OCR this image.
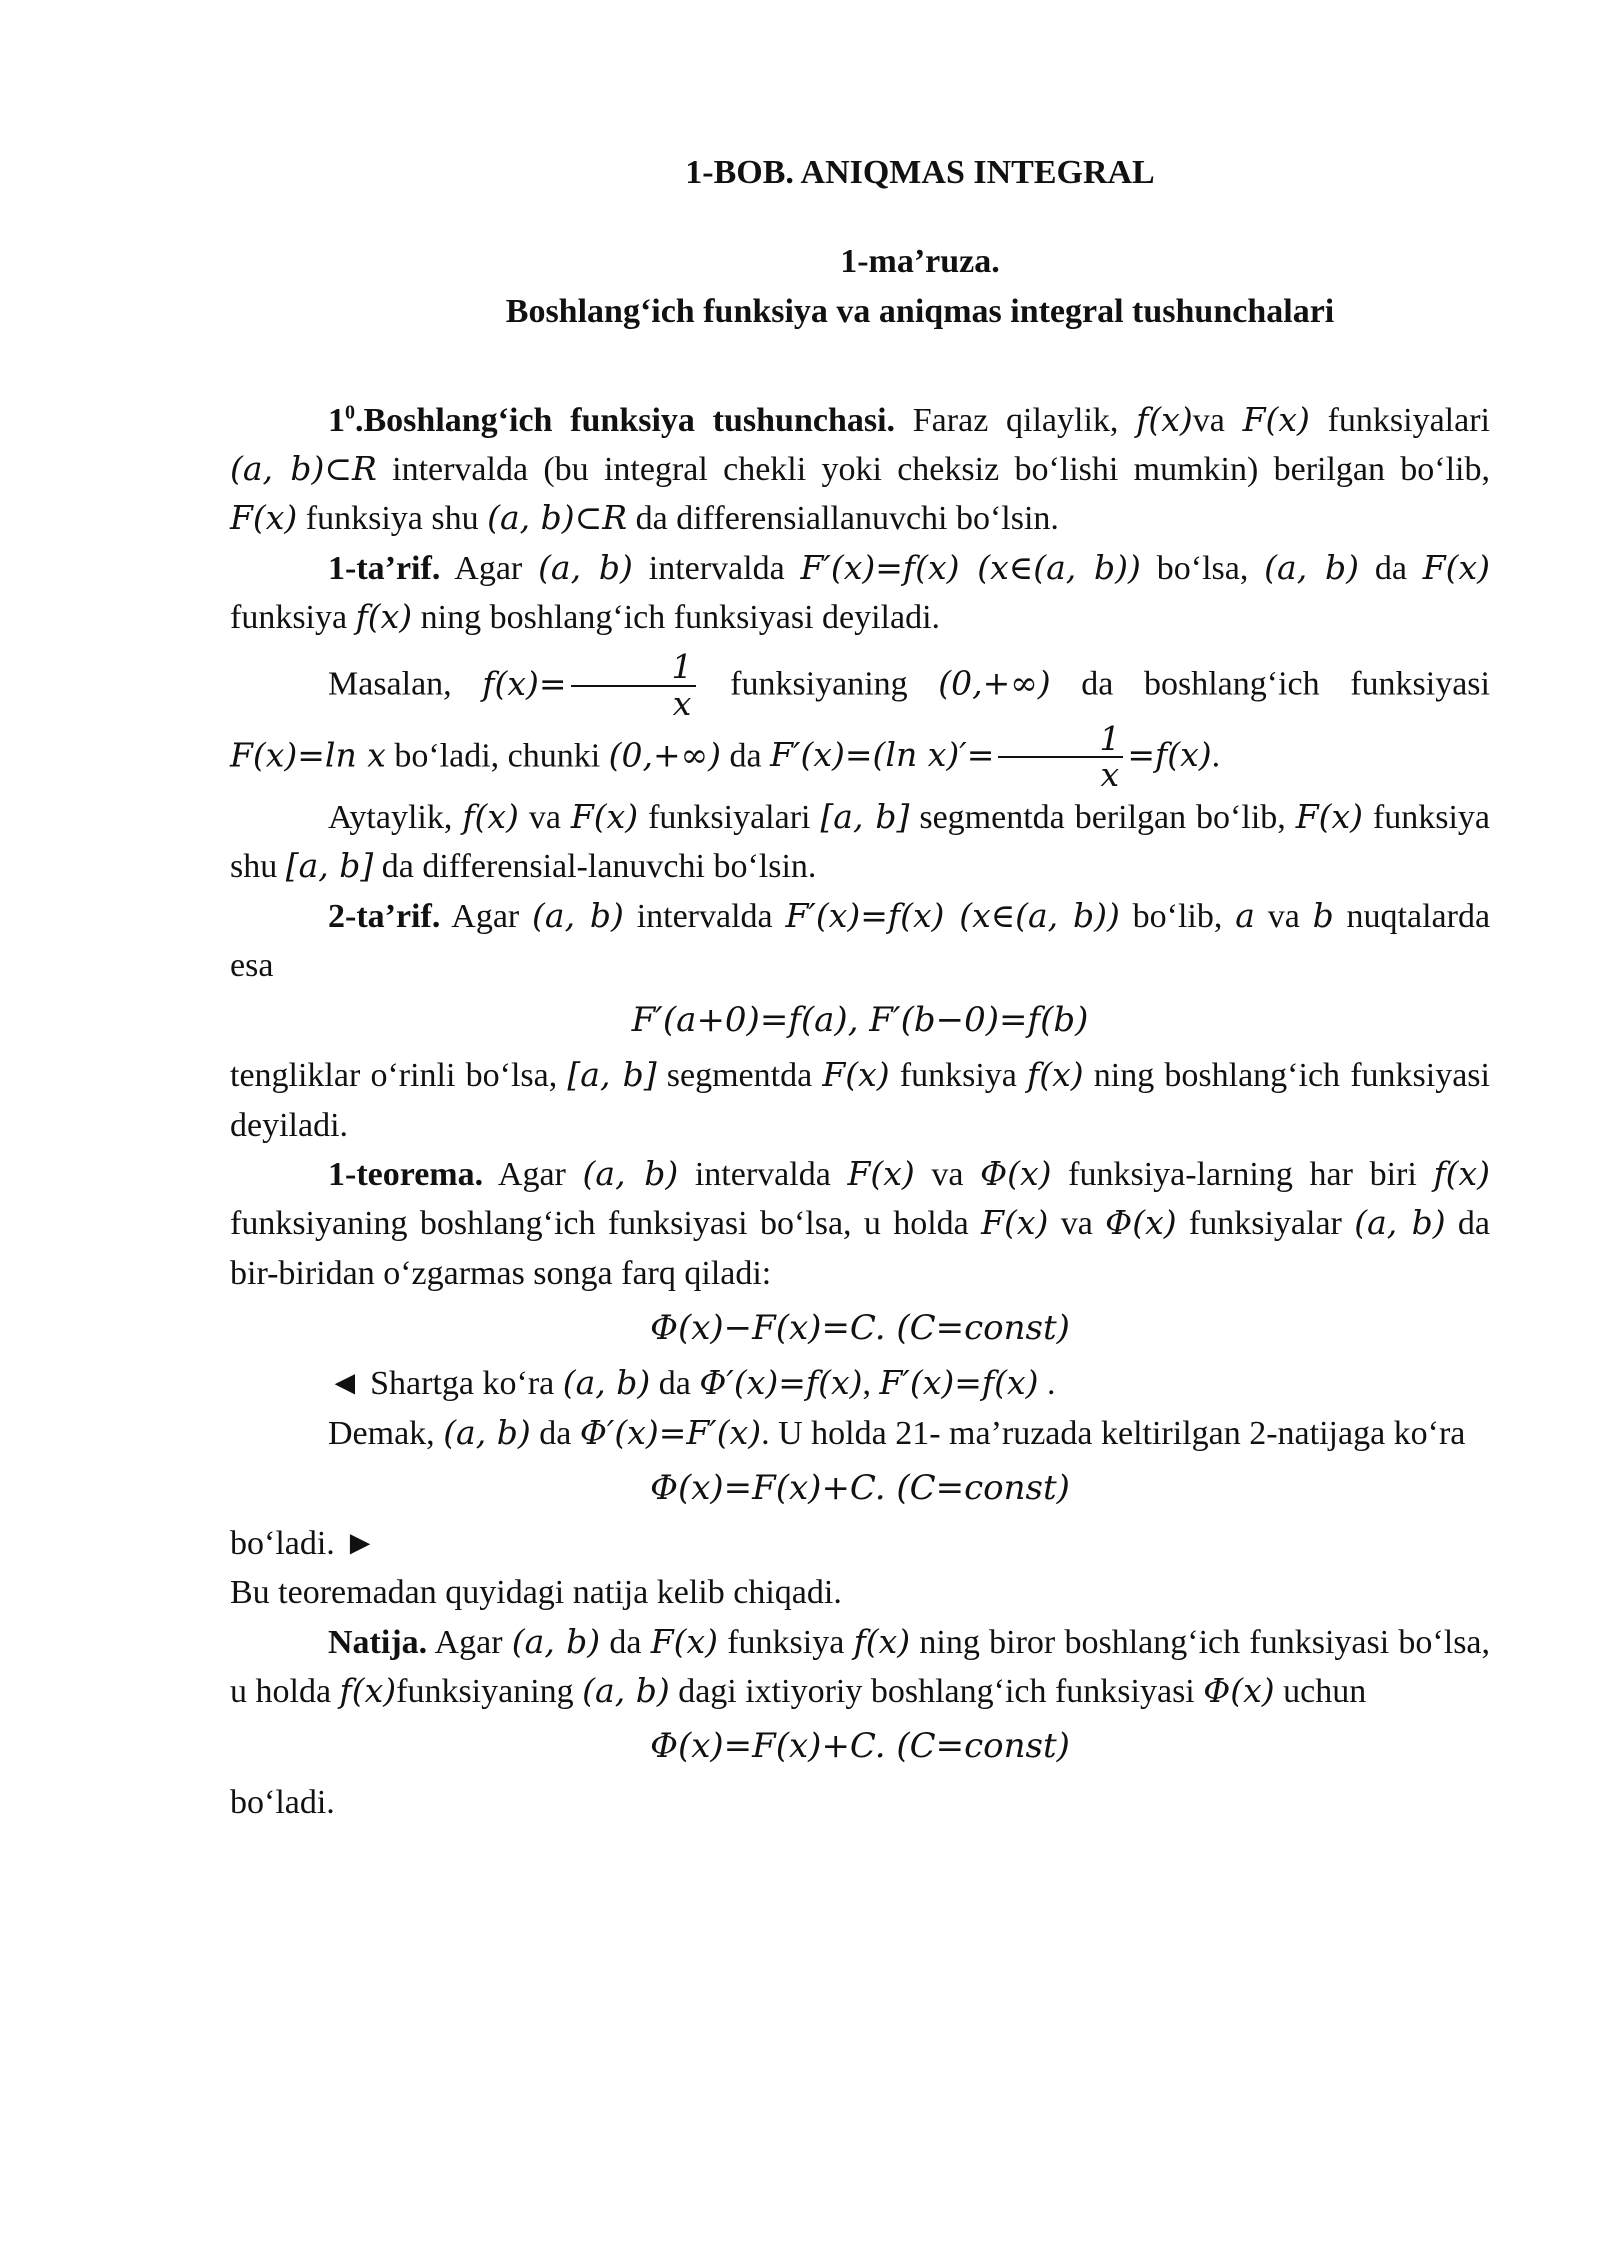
1-BOB. ANIQMAS INTEGRAL
1-ma’ruza.
Boshlang‘ich funksiya va aniqmas integral tushunchalari

$1^0.Boshlang‘ich$ funksiya tushunchasi. Faraz qilaylik, f(x)va F(x) funksiyalari (a, b)⊂R intervalda (bu integral chekli yoki cheksiz bo‘lishi mumkin) berilgan bo‘lib, F(x) funksiya shu (a, b)⊂R da differensiallanuvchi bo‘lsin.

1-ta’rif. Agar (a, b) intervalda F′(x)=f(x) (x∈(a, b)) bo‘lsa, (a, b) da F(x) funksiya f(x) ning boshlang‘ich funksiyasi deyiladi.

Masalan, $f(x)= \frac{1}{x}$ funksiyaning (0,+∞) da boshlang‘ich funksiyasi F(x)=ln x bo‘ladi, chunki (0,+∞) da F′(x)=(ln $x)'= \frac{1}{x} =f(x)$.

Aytaylik, f(x) va F(x) funksiyalari [a, b] segmentda berilgan bo‘lib, F(x) funksiya shu [a, b] da differensial-lanuvchi bo‘lsin.

2-ta’rif. Agar (a, b) intervalda F′(x)=f(x) (x∈(a, b)) bo‘lib, a va b nuqtalarda esa

F′(a+0)=f(a), F′(b−0)=f(b)

tengliklar o‘rinli bo‘lsa, [a, b] segmentda F(x) funksiya f(x) ning boshlang‘ich funksiyasi deyiladi.

1-teorema. Agar (a, b) intervalda F(x) va Φ(x) funksiya-larning har biri f(x) funksiyaning boshlang‘ich funksiyasi bo‘lsa, u holda F(x) va Φ(x) funksiyalar (a, b) da bir-biridan o‘zgarmas songa farq qiladi:

Φ(x)−F(x)=C. (C=const)

◄ Shartga ko‘ra (a, b) da Φ′(x)=f(x), F′(x)=f(x) .

Demak, (a, b) da Φ′(x)=F′(x). U holda 21- ma’ruzada keltirilgan 2-natijaga ko‘ra

Φ(x)=F(x)+C. (C=const)

bo‘ladi. ►

Bu teoremadan quyidagi natija kelib chiqadi.

Natija. Agar (a, b) da F(x) funksiya f(x) ning biror boshlang‘ich funksiyasi bo‘lsa, u holda f(x)funksiyaning (a, b) dagi ixtiyoriy boshlang‘ich funksiyasi Φ(x) uchun

Φ(x)=F(x)+C. (C=const)

bo‘ladi.
